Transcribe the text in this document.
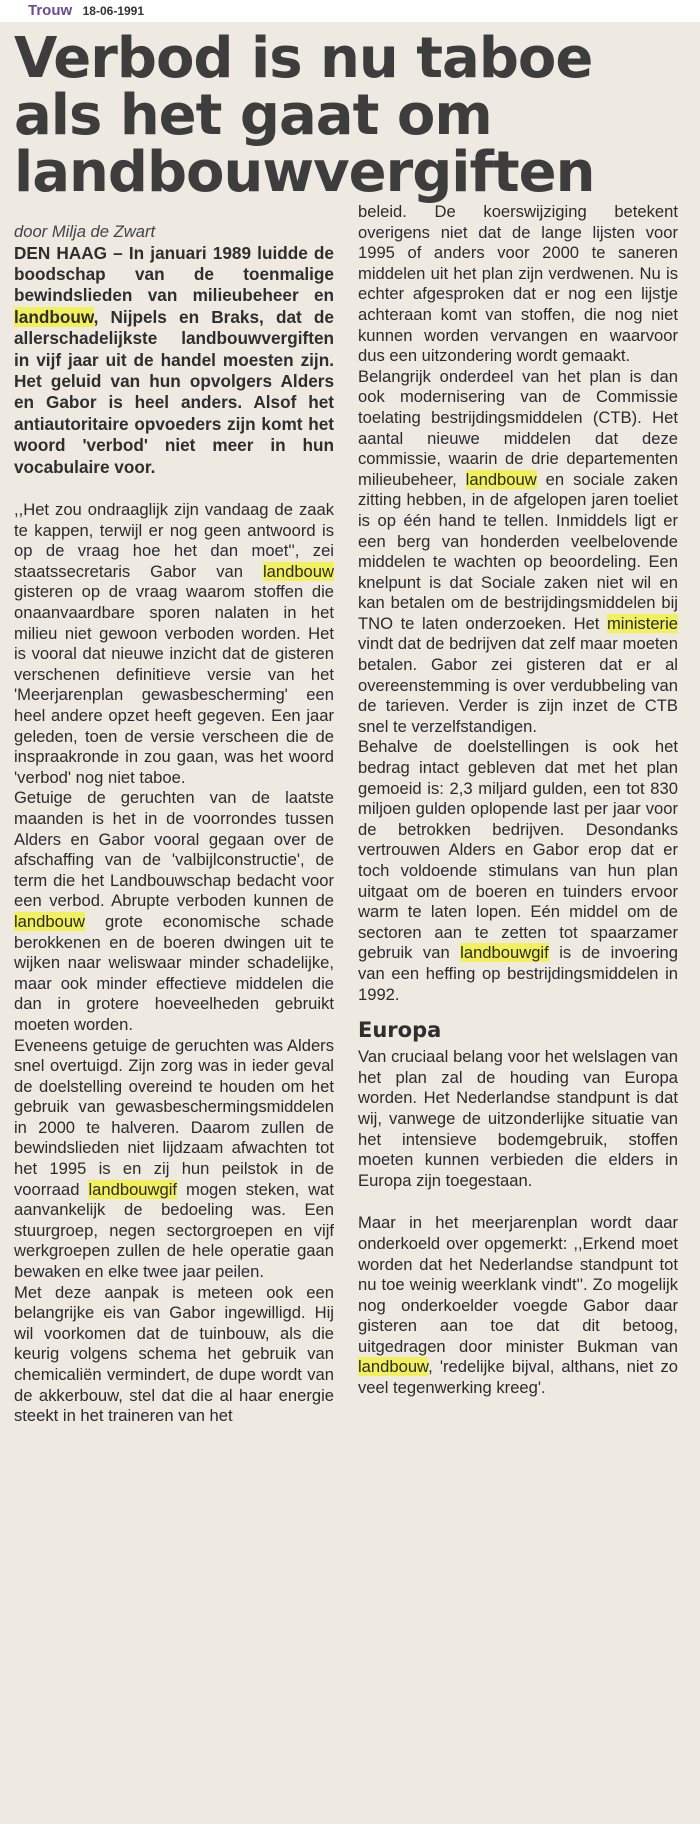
Trouw 18-06-1991
Verbod is nu taboe als het gaat om landbouwvergiften

door Milja de Zwart

DEN HAAG – In januari 1989 luidde de boodschap van de toenmalige bewindslieden van milieubeheer en landbouw, Nijpels en Braks, dat de allerschadelijkste landbouwvergiften in vijf jaar uit de handel moesten zijn. Het geluid van hun opvolgers Alders en Gabor is heel anders. Alsof het antiautoritaire opvoeders zijn komt het woord 'verbod' niet meer in hun vocabulaire voor.

,,Het zou ondraaglijk zijn vandaag de zaak te kappen, terwijl er nog geen antwoord is op de vraag hoe het dan moet'', zei staatssecretaris Gabor van landbouw gisteren op de vraag waarom stoffen die onaanvaardbare sporen nalaten in het milieu niet gewoon verboden worden. Het is vooral dat nieuwe inzicht dat de gisteren verschenen definitieve versie van het 'Meerjarenplan gewasbescherming' een heel andere opzet heeft gegeven. Een jaar geleden, toen de versie verscheen die de inspraakronde in zou gaan, was het woord 'verbod' nog niet taboe.

Getuige de geruchten van de laatste maanden is het in de voorrondes tussen Alders en Gabor vooral gegaan over de afschaffing van de 'valbijlconstructie', de term die het Landbouwschap bedacht voor een verbod. Abrupte verboden kunnen de landbouw grote economische schade berokkenen en de boeren dwingen uit te wijken naar weliswaar minder schadelijke, maar ook minder effectieve middelen die dan in grotere hoeveelheden gebruikt moeten worden.

Eveneens getuige de geruchten was Alders snel overtuigd. Zijn zorg was in ieder geval de doelstelling overeind te houden om het gebruik van gewasbeschermingsmiddelen in 2000 te halveren. Daarom zullen de bewindslieden niet lijdzaam afwachten tot het 1995 is en zij hun peilstok in de voorraad landbouwgif mogen steken, wat aanvankelijk de bedoeling was. Een stuurgroep, negen sectorgroepen en vijf werkgroepen zullen de hele operatie gaan bewaken en elke twee jaar peilen.

Met deze aanpak is meteen ook een belangrijke eis van Gabor ingewilligd. Hij wil voorkomen dat de tuinbouw, als die keurig volgens schema het gebruik van chemicaliën vermindert, de dupe wordt van de akkerbouw, stel dat die al haar energie steekt in het traineren van het

beleid. De koerswijziging betekent overigens niet dat de lange lijsten voor 1995 of anders voor 2000 te saneren middelen uit het plan zijn verdwenen. Nu is echter afgesproken dat er nog een lijstje achteraan komt van stoffen, die nog niet kunnen worden vervangen en waarvoor dus een uitzondering wordt gemaakt.

Belangrijk onderdeel van het plan is dan ook modernisering van de Commissie toelating bestrijdingsmiddelen (CTB). Het aantal nieuwe middelen dat deze commissie, waarin de drie departementen milieubeheer, landbouw en sociale zaken zitting hebben, in de afgelopen jaren toeliet is op één hand te tellen. Inmiddels ligt er een berg van honderden veelbelovende middelen te wachten op beoordeling. Een knelpunt is dat Sociale zaken niet wil en kan betalen om de bestrijdingsmiddelen bij TNO te laten onderzoeken. Het ministerie vindt dat de bedrijven dat zelf maar moeten betalen. Gabor zei gisteren dat er al overeenstemming is over verdubbeling van de tarieven. Verder is zijn inzet de CTB snel te verzelfstandigen.

Behalve de doelstellingen is ook het bedrag intact gebleven dat met het plan gemoeid is: 2,3 miljard gulden, een tot 830 miljoen gulden oplopende last per jaar voor de betrokken bedrijven. Desondanks vertrouwen Alders en Gabor erop dat er toch voldoende stimulans van hun plan uitgaat om de boeren en tuinders ervoor warm te laten lopen. Eén middel om de sectoren aan te zetten tot spaarzamer gebruik van landbouwgif is de invoering van een heffing op bestrijdingsmiddelen in 1992.

Europa

Van cruciaal belang voor het welslagen van het plan zal de houding van Europa worden. Het Nederlandse standpunt is dat wij, vanwege de uitzonderlijke situatie van het intensieve bodemgebruik, stoffen moeten kunnen verbieden die elders in Europa zijn toegestaan.

Maar in het meerjarenplan wordt daar onderkoeld over opgemerkt: ,,Erkend moet worden dat het Nederlandse standpunt tot nu toe weinig weerklank vindt''. Zo mogelijk nog onderkoelder voegde Gabor daar gisteren aan toe dat dit betoog, uitgedragen door minister Bukman van landbouw, 'redelijke bijval, althans, niet zo veel tegenwerking kreeg'.
